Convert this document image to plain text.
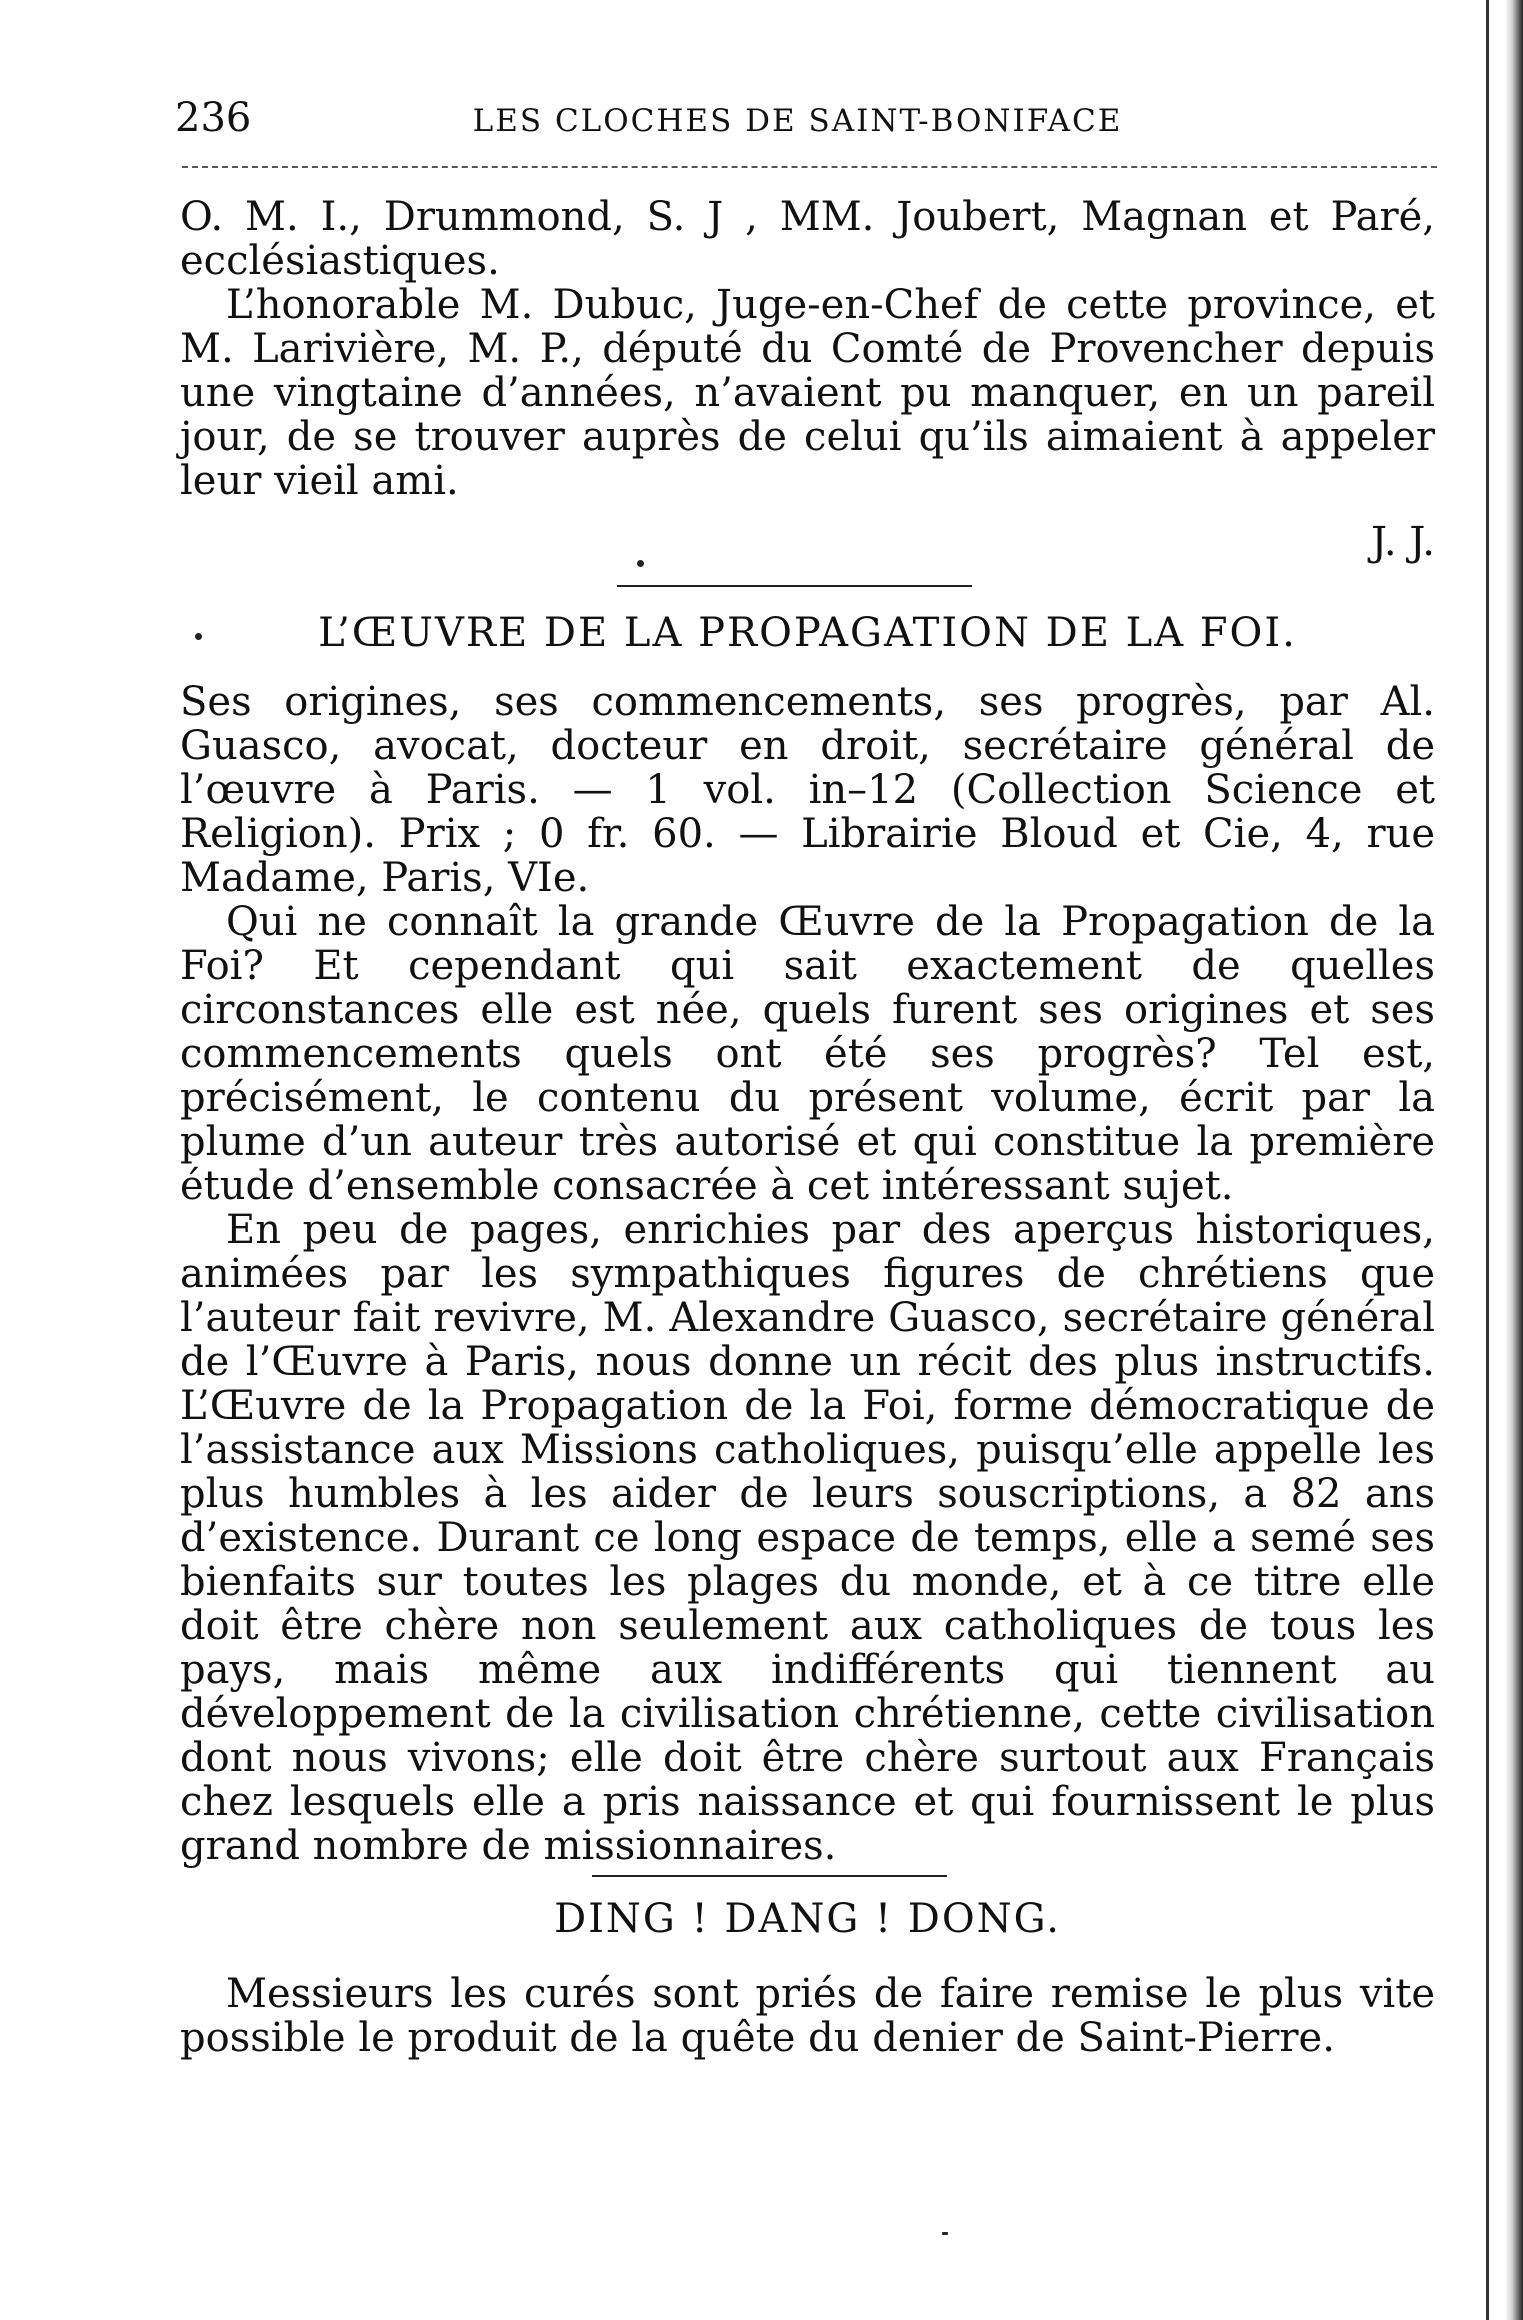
236	LES CLOCHES DE SAINT-BONIFACE

O. M. I., Drummond, S. J , MM. Joubert, Magnan et Paré, ecclésiastiques.

L’honorable M. Dubuc, Juge-en-Chef de cette province, et M. Larivière, M. P., député du Comté de Provencher depuis une vingtaine d’années, n’avaient pu manquer, en un pareil jour, de se trouver auprès de celui qu’ils aimaient à appeler leur vieil ami.

J. J.
L’ŒUVRE DE LA PROPAGATION DE LA FOI.

Ses origines, ses commencements, ses progrès, par Al. Guasco, avocat, docteur en droit, secrétaire général de l’œuvre à Paris. — 1 vol. in–12 (Collection Science et Religion). Prix ; 0 fr. 60. — Librairie Bloud et Cie, 4, rue Madame, Paris, VIe.

Qui ne connaît la grande Œuvre de la Propagation de la Foi? Et cependant qui sait exactement de quelles circonstances elle est née, quels furent ses origines et ses commencements quels ont été ses progrès? Tel est, précisément, le contenu du présent volume, écrit par la plume d’un auteur très autorisé et qui constitue la première étude d’ensemble consacrée à cet intéressant sujet.

En peu de pages, enrichies par des aperçus historiques, animées par les sympathiques figures de chrétiens que l’auteur fait revivre, M. Alexandre Guasco, secrétaire général de l’Œuvre à Paris, nous donne un récit des plus instructifs. L’Œuvre de la Propagation de la Foi, forme démocratique de l’assistance aux Missions catholiques, puisqu’elle appelle les plus humbles à les aider de leurs souscriptions, a 82 ans d’existence. Durant ce long espace de temps, elle a semé ses bienfaits sur toutes les plages du monde, et à ce titre elle doit être chère non seulement aux catholiques de tous les pays, mais même aux indifférents qui tiennent au développement de la civilisation chrétienne, cette civilisation dont nous vivons; elle doit être chère surtout aux Français chez lesquels elle a pris naissance et qui fournissent le plus grand nombre de missionnaires.

DING ! DANG ! DONG.

Messieurs les curés sont priés de faire remise le plus vite possible le produit de la quête du denier de Saint-Pierre.
